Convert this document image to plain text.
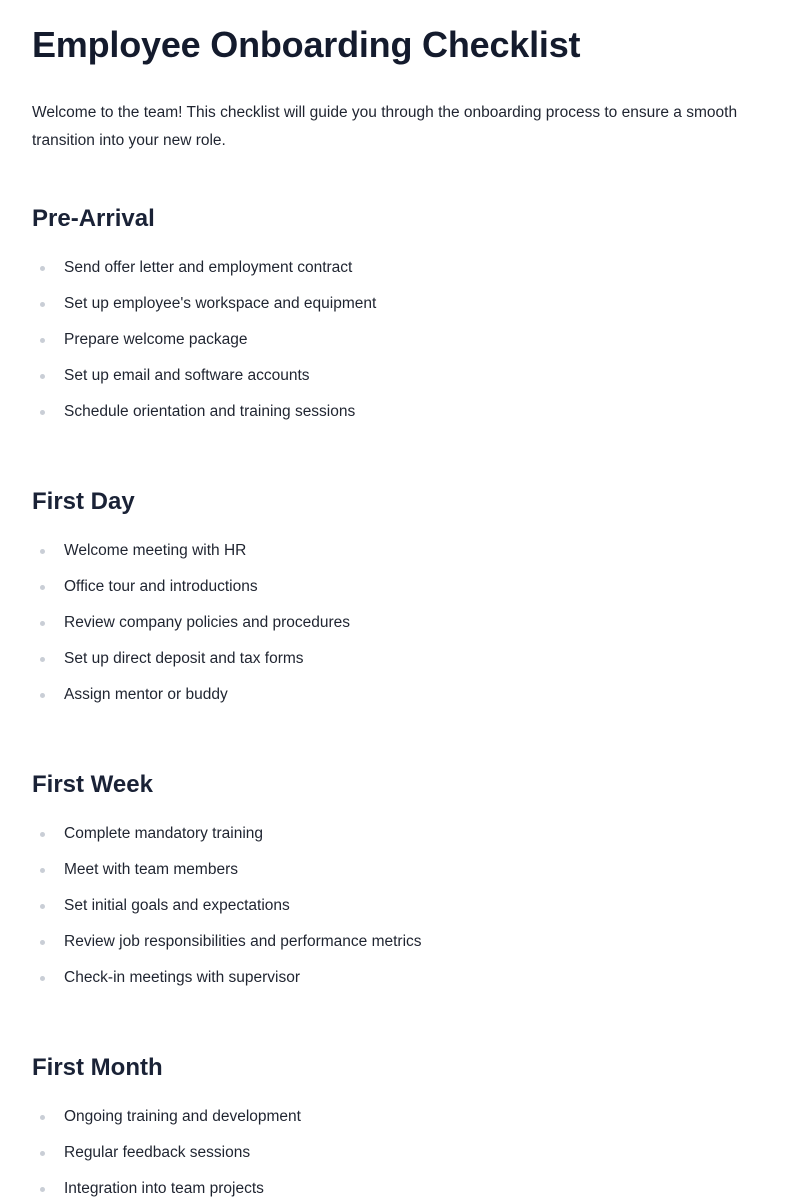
Employee Onboarding Checklist

Welcome to the team! This checklist will guide you through the onboarding process to ensure a smooth transition into your new role.

Pre-Arrival
Send offer letter and employment contract
Set up employee's workspace and equipment
Prepare welcome package
Set up email and software accounts
Schedule orientation and training sessions
First Day
Welcome meeting with HR
Office tour and introductions
Review company policies and procedures
Set up direct deposit and tax forms
Assign mentor or buddy
First Week
Complete mandatory training
Meet with team members
Set initial goals and expectations
Review job responsibilities and performance metrics
Check-in meetings with supervisor
First Month
Ongoing training and development
Regular feedback sessions
Integration into team projects
